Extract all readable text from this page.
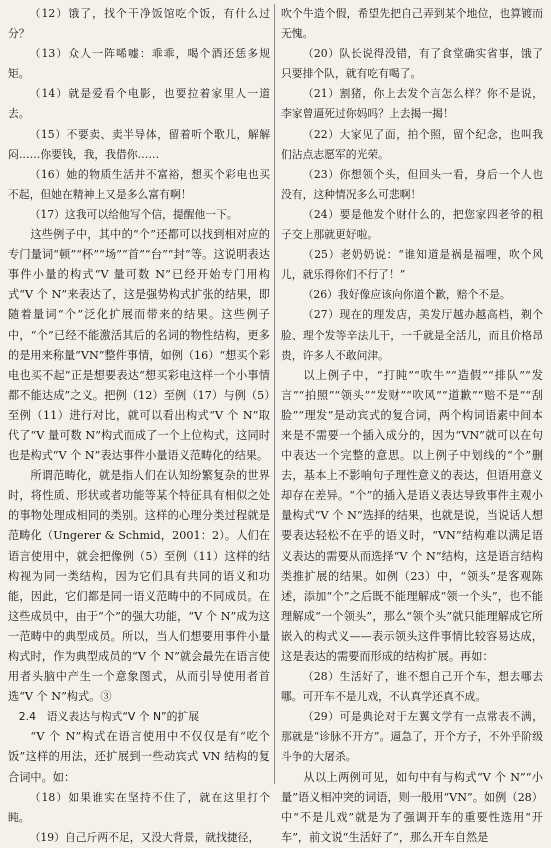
（12）饿了，找个干净饭馆吃个饭，有什么过分？

（13）众人一阵唏嘘：乖乖，喝个酒还恁多规矩。

（14）就是爱看个电影，也要拉着家里人一道去。

（15）不要卖、卖半导体，留着听个歌儿，解解闷……你要钱，我，我借你……

（16）她的物质生活并不富裕，想买个彩电也买不起，但她在精神上又是多么富有啊！

（17）这我可以给他写个信，提醒他一下。

这些例子中，其中的“个”还都可以找到相对应的专门量词“顿”“杯”“场”“首”“台”“封”等。这说明表达事件小量的构式“V 量可数 N”已经开始专门用构式“V 个 N”来表达了，这是强势构式扩张的结果，即随着量词“个”泛化扩展而带来的结果。这些例子中，“个”已经不能激活其后的名词的物性结构，更多的是用来称量“VN”整件事情，如例（16）“想买个彩电也买不起”正是想要表达“想买彩电这样一个小事情都不能达成”之义。把例（12）至例（17）与例（5）至例（11）进行对比，就可以看出构式“V 个 N”取代了“V 量可数 N”构式而成了一个上位构式，这同时也是构式“V 个 N”表达事件小量语义范畴化的结果。

所谓范畴化，就是指人们在认知纷繁复杂的世界时，将性质、形状或者功能等某个特征具有相似之处的事物处理成相同的类别。这样的心理分类过程就是范畴化（Ungerer & Schmid，2001：2）。人们在语言使用中，就会把像例（5）至例（11）这样的结构视为同一类结构，因为它们具有共同的语义和功能，因此，它们都是同一语义范畴中的不同成员。在这些成员中，由于“个”的强大功能，“V 个 N”成为这一范畴中的典型成员。所以，当人们想要用事件小量构式时，作为典型成员的“V 个 N”就会最先在语言使用者头脑中产生一个意象图式，从而引导使用者首选“V 个 N”构式。③

2.4　语义表达与构式“V 个 N”的扩展

“V 个 N”构式在语言使用中不仅仅是有“吃个饭”这样的用法，还扩展到一些动宾式 VN 结构的复合词中。如：

（18）如果谁实在坚持不住了，就在这里打个盹。

（19）自己斤两不足，又没大背景，就找捷径，

吹个牛造个假，希望先把自己弄到某个地位，也算镀而无愧。

（20）队长说得没错，有了食堂确实省事，饿了只要排个队，就有吃有喝了。

（21）割猪，你上去发个言怎么样？你不是说，李家曾逼死过你妈吗？上去揭一揭！

（22）大家见了面，拍个照，留个纪念，也叫我们沾点志愿军的光荣。

（23）你想领个头，但回头一看，身后一个人也没有，这种情况多么可悲啊！

（24）要是他发个财什么的，把您家四老爷的租子交上那就更好啦。

（25）老奶奶说：“谁知道是祸是福哩，吹个风儿，就乐得你们不行了！”

（26）我好像应该向你道个歉，赔个不是。

（27）现在的理发店，美发厅越办越高档，剃个脸、理个发等辛法儿干，一千就是全活儿，而且价格昂贵，许多人不敢问津。

以上例子中，“打盹”“吹牛”“造假”“排队”“发言”“拍照”“领头”“发财”“吹风”“道歉”“赔不是”“刮脸”“理发”是动宾式的复合词，两个构词语素中间本来是不需要一个插入成分的，因为“VN”就可以在句中表达一个完整的意思。以上例子中划线的“个”删去，基本上不影响句子理性意义的表达，但语用意义却存在差异。“个”的插入是语义表达导致事件主观小量构式“V 个 N”选择的结果，也就是说，当说话人想要表达轻松不在乎的语义时，“VN”结构难以满足语义表达的需要从而选择“V 个 N”结构，这是语言结构类推扩展的结果。如例（23）中，“领头”是客观陈述，添加“个”之后既不能理解成“领一个头”，也不能理解成“一个领头”，那么“领个头”就只能理解成它所嵌入的构式义——表示领头这件事情比较容易达成，这是表达的需要而形成的结构扩展。再如：

（28）生活好了，谁不想自己开个车，想去哪去哪。可开车不是儿戏，不认真学还真不成。

（29）可是典论对于左翼文学有一点常表不满，那就是“诊脉不开方”。逼急了，开个方子，不外乎阶级斗争的大屠杀。

从以上两例可见，如句中有与构式“V 个 N”“小量”语义相冲突的词语，则一般用“VN”。如例（28）中“不是儿戏”就是为了强调开车的重要性选用“开车”，前文说“生活好了”，那么开车自然是
